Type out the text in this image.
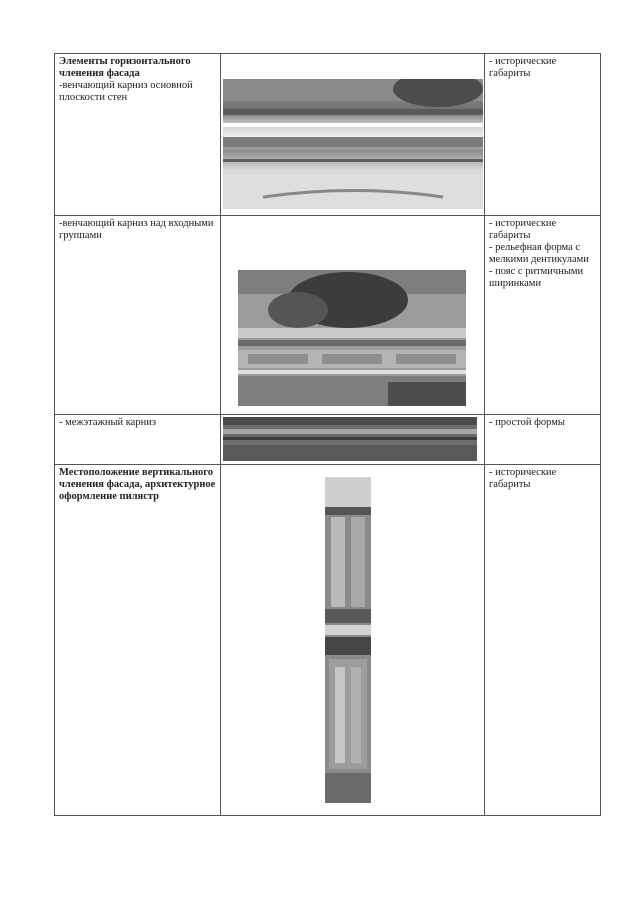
Элементы горизонтального членения фасада
-венчающий карниз основной плоскости стен		- исторические габариты

-венчающий карниз над входными группами		- исторические габариты
- рельефная форма с мелкими дентикулами
- пояс с ритмичными ширинками

- межэтажный карниз		- простой формы

Местоположение вертикального членения фасада, архитектурное оформление пилястр		- исторические габариты
